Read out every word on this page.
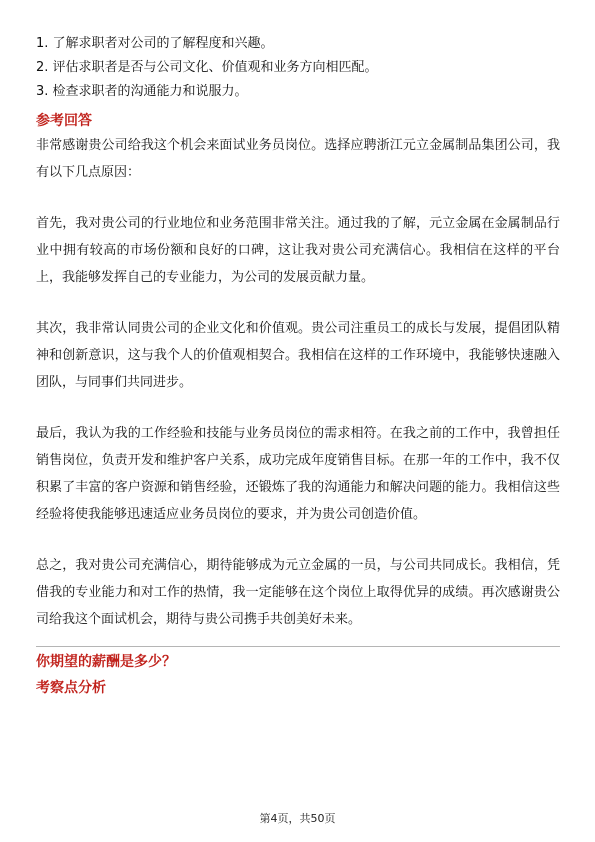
1. 了解求职者对公司的了解程度和兴趣。

2. 评估求职者是否与公司文化、价值观和业务方向相匹配。

3. 检查求职者的沟通能力和说服力。

参考回答

非常感谢贵公司给我这个机会来面试业务员岗位。选择应聘浙江元立金属制品集团公司，我有以下几点原因：

首先，我对贵公司的行业地位和业务范围非常关注。通过我的了解，元立金属在金属制品行业中拥有较高的市场份额和良好的口碑，这让我对贵公司充满信心。我相信在这样的平台上，我能够发挥自己的专业能力，为公司的发展贡献力量。

其次，我非常认同贵公司的企业文化和价值观。贵公司注重员工的成长与发展，提倡团队精神和创新意识，这与我个人的价值观相契合。我相信在这样的工作环境中，我能够快速融入团队，与同事们共同进步。

最后，我认为我的工作经验和技能与业务员岗位的需求相符。在我之前的工作中，我曾担任销售岗位，负责开发和维护客户关系，成功完成年度销售目标。在那一年的工作中，我不仅积累了丰富的客户资源和销售经验，还锻炼了我的沟通能力和解决问题的能力。我相信这些经验将使我能够迅速适应业务员岗位的要求，并为贵公司创造价值。

总之，我对贵公司充满信心，期待能够成为元立金属的一员，与公司共同成长。我相信，凭借我的专业能力和对工作的热情，我一定能够在这个岗位上取得优异的成绩。再次感谢贵公司给我这个面试机会，期待与贵公司携手共创美好未来。

你期望的薪酬是多少？

考察点分析

第4页，共50页
